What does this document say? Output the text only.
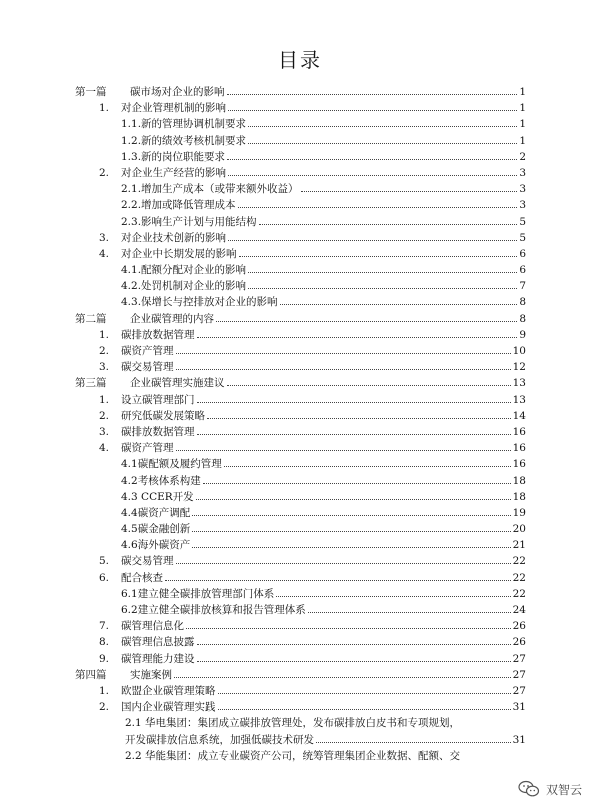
目录
第一篇 碳市场对企业的影响	1
1. 对企业管理机制的影响	1
1.1.新的管理协调机制要求	1
1.2.新的绩效考核机制要求	1
1.3.新的岗位职能要求	2
2. 对企业生产经营的影响	3
2.1.增加生产成本（或带来额外收益）	3
2.2.增加或降低管理成本	3
2.3.影响生产计划与用能结构	5
3. 对企业技术创新的影响	5
4. 对企业中长期发展的影响	6
4.1.配额分配对企业的影响	6
4.2.处罚机制对企业的影响	7
4.3.保增长与控排放对企业的影响	8
第二篇 企业碳管理的内容	8
1. 碳排放数据管理	9
2. 碳资产管理	10
3. 碳交易管理	12
第三篇 企业碳管理实施建议	13
1. 设立碳管理部门	13
2. 研究低碳发展策略	14
3. 碳排放数据管理	16
4. 碳资产管理	16
4.1碳配额及履约管理	16
4.2考核体系构建	18
4.3 CCER开发	18
4.4碳资产调配	19
4.5碳金融创新	20
4.6海外碳资产	21
5. 碳交易管理	22
6. 配合核查	22
6.1建立健全碳排放管理部门体系	22
6.2建立健全碳排放核算和报告管理体系	24
7. 碳管理信息化	26
8. 碳管理信息披露	26
9. 碳管理能力建设	27
第四篇 实施案例	27
1. 欧盟企业碳管理策略	27
2. 国内企业碳管理实践	31
2.1 华电集团：集团成立碳排放管理处，发布碳排放白皮书和专项规划，
开发碳排放信息系统，加强低碳技术研发	31
2.2 华能集团：成立专业碳资产公司，统筹管理集团企业数据、配额、交
双智云
